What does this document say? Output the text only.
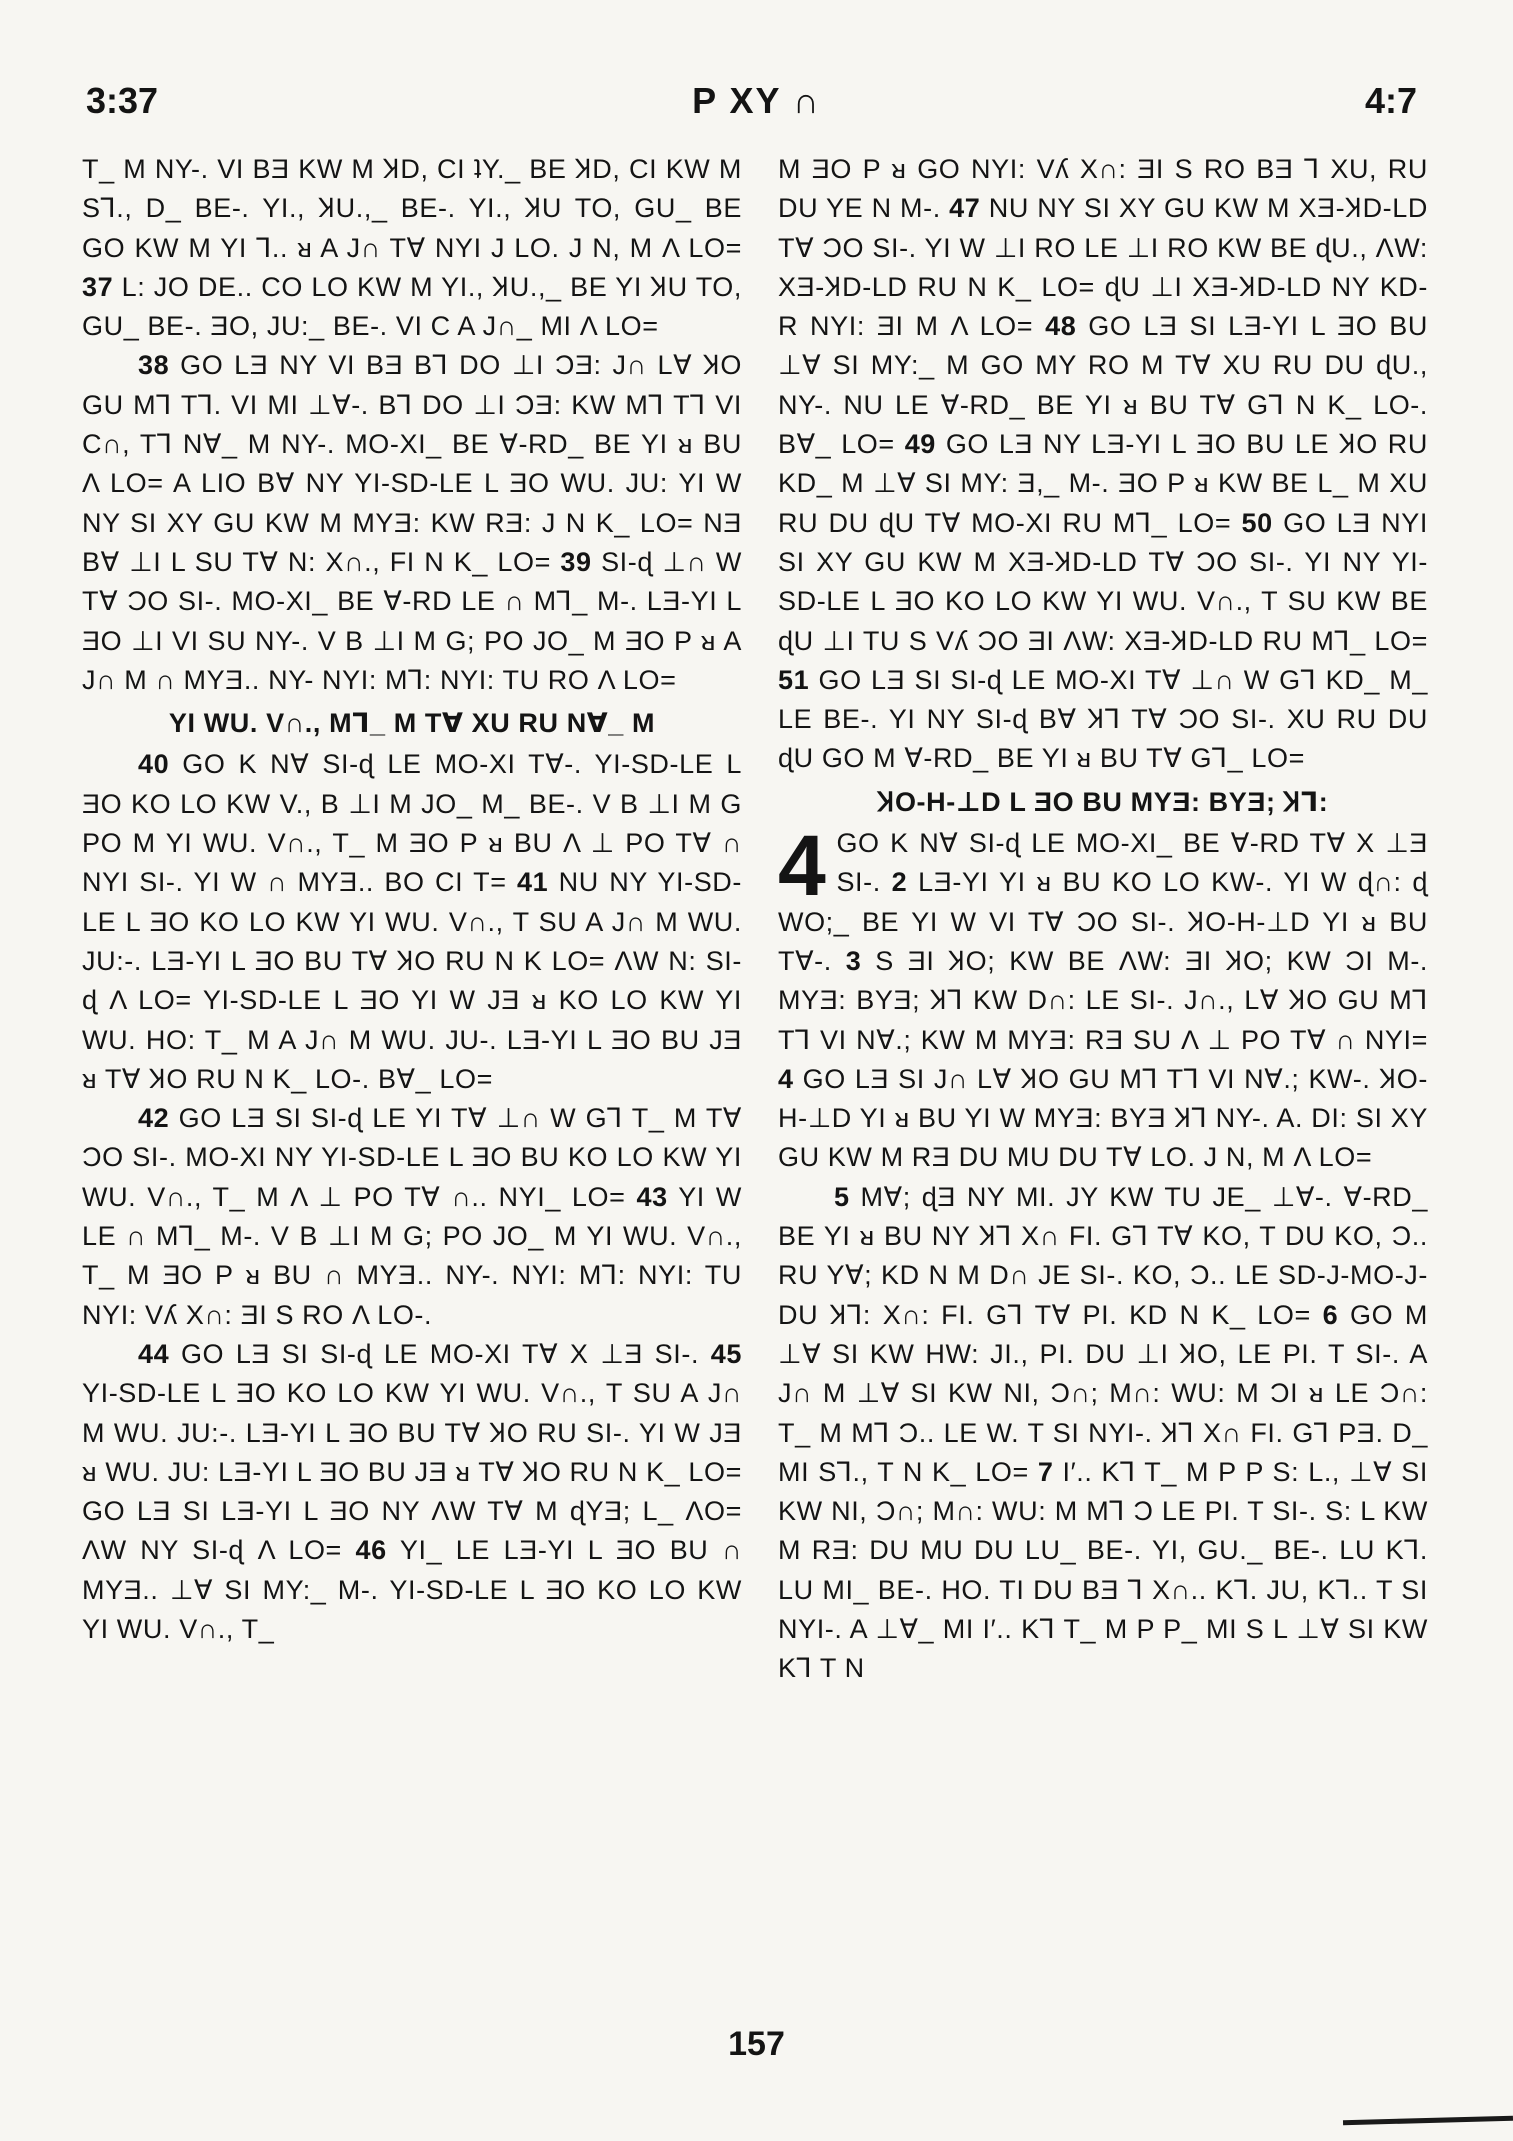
3:37	P XY ∩	4:7

T_ M NY-. VI BƎ KW M ꞰD, CI ʇY._ BE ꞰD, CI KW M SꞀ., D_ BE-. YI., ꞰU.,_ BE-. YI., ꞰU TO, GU_ BE GO KW M YI Ꞁ.. ᴚ A J∩ T∀ NYI J LO. J N, M Λ LO= 37 L: JO DE.. CO LO KW M YI., ꞰU.,_ BE YI ꞰU TO, GU_ BE-. ƎO, JU:_ BE-. VI C A J∩_ MI Λ LO=

38 GO LƎ NY VI BƎ BꞀ DO ⊥I ƆƎ: J∩ L∀ ꞰO GU MꞀ TꞀ. VI MI ⊥∀-. BꞀ DO ⊥I ƆƎ: KW MꞀ TꞀ VI C∩, TꞀ N∀_ M NY-. MO-XI_ BE ∀-RD_ BE YI ᴚ BU Λ LO= A LIO B∀ NY YI-SD-LE L ƎO WU. JU: YI W NY SI XY GU KW M MYƎ: KW RƎ: J N K_ LO= NƎ B∀ ⊥I L SU T∀ N: X∩., FI N K_ LO= 39 SI-ɖ ⊥∩ W T∀ ƆO SI-. MO-XI_ BE ∀-RD LE ∩ MꞀ_ M-. LƎ-YI L ƎO ⊥I VI SU NY-. V B ⊥I M G; PO JO_ M ƎO P ᴚ A J∩ M ∩ MYƎ.. NY- NYI: MꞀ: NYI: TU RO Λ LO=

YI WU. V∩., MꞀ_ M T∀ XU RU N∀_ M

40 GO K N∀ SI-ɖ LE MO-XI T∀-. YI-SD-LE L ƎO KO LO KW V., B ⊥I M JO_ M_ BE-. V B ⊥I M G PO M YI WU. V∩., T_ M ƎO P ᴚ BU Λ ⊥ PO T∀ ∩ NYI SI-. YI W ∩ MYƎ.. BO CI T= 41 NU NY YI-SD-LE L ƎO KO LO KW YI WU. V∩., T SU A J∩ M WU. JU:-. LƎ-YI L ƎO BU T∀ ꞰO RU N K LO= ΛW N: SI-ɖ Λ LO= YI-SD-LE L ƎO YI W JƎ ᴚ KO LO KW YI WU. HO: T_ M A J∩ M WU. JU-. LƎ-YI L ƎO BU JƎ ᴚ T∀ ꞰO RU N K_ LO-. B∀_ LO=

42 GO LƎ SI SI-ɖ LE YI T∀ ⊥∩ W GꞀ T_ M T∀ ƆO SI-. MO-XI NY YI-SD-LE L ƎO BU KO LO KW YI WU. V∩., T_ M Λ ⊥ PO T∀ ∩.. NYI_ LO= 43 YI W LE ∩ MꞀ_ M-. V B ⊥I M G; PO JO_ M YI WU. V∩., T_ M ƎO P ᴚ BU ∩ MYƎ.. NY-. NYI: MꞀ: NYI: TU NYI: Vʎ X∩: ƎI S RO Λ LO-.

44 GO LƎ SI SI-ɖ LE MO-XI T∀ X ⊥Ǝ SI-. 45 YI-SD-LE L ƎO KO LO KW YI WU. V∩., T SU A J∩ M WU. JU:-. LƎ-YI L ƎO BU T∀ ꞰO RU SI-. YI W JƎ ᴚ WU. JU: LƎ-YI L ƎO BU JƎ ᴚ T∀ ꞰO RU N K_ LO= GO LƎ SI LƎ-YI L ƎO NY ΛW T∀ M ɖYƎ; L_ ΛO= ΛW NY SI-ɖ Λ LO= 46 YI_ LE LƎ-YI L ƎO BU ∩ MYƎ.. ⊥∀ SI MY:_ M-. YI-SD-LE L ƎO KO LO KW YI WU. V∩., T_

M ƎO P ᴚ GO NYI: Vʎ X∩: ƎI S RO BƎ Ꞁ XU, RU DU YE N M-. 47 NU NY SI XY GU KW M XƎ-ꞰD-LD T∀ ƆO SI-. YI W ⊥I RO LE ⊥I RO KW BE ɖU., ΛW: XƎ-ꞰD-LD RU N K_ LO= ɖU ⊥I XƎ-ꞰD-LD NY KD-R NYI: ƎI M Λ LO= 48 GO LƎ SI LƎ-YI L ƎO BU ⊥∀ SI MY:_ M GO MY RO M T∀ XU RU DU ɖU., NY-. NU LE ∀-RD_ BE YI ᴚ BU T∀ GꞀ N K_ LO-. B∀_ LO= 49 GO LƎ NY LƎ-YI L ƎO BU LE ꞰO RU KD_ M ⊥∀ SI MY: Ǝ,_ M-. ƎO P ᴚ KW BE L_ M XU RU DU ɖU T∀ MO-XI RU MꞀ_ LO= 50 GO LƎ NYI SI XY GU KW M XƎ-ꞰD-LD T∀ ƆO SI-. YI NY YI-SD-LE L ƎO KO LO KW YI WU. V∩., T SU KW BE ɖU ⊥I TU S Vʎ ƆO ƎI ΛW: XƎ-ꞰD-LD RU MꞀ_ LO= 51 GO LƎ SI SI-ɖ LE MO-XI T∀ ⊥∩ W GꞀ KD_ M_ LE BE-. YI NY SI-ɖ B∀ ꞰꞀ T∀ ƆO SI-. XU RU DU ɖU GO M ∀-RD_ BE YI ᴚ BU T∀ GꞀ_ LO=

ꞰO-H-⊥D L ƎO BU MYƎ: BYƎ; ꞰꞀ:

4 GO K N∀ SI-ɖ LE MO-XI_ BE ∀-RD T∀ X ⊥Ǝ SI-. 2 LƎ-YI YI ᴚ BU KO LO KW-. YI W ɖ∩: ɖ WO;_ BE YI W VI T∀ ƆO SI-. ꞰO-H-⊥D YI ᴚ BU T∀-. 3 S ƎI ꞰO; KW BE ΛW: ƎI ꞰO; KW ƆI M-. MYƎ: BYƎ; ꞰꞀ KW D∩: LE SI-. J∩., L∀ ꞰO GU MꞀ TꞀ VI N∀.; KW M MYƎ: RƎ SU Λ ⊥ PO T∀ ∩ NYI= 4 GO LƎ SI J∩ L∀ ꞰO GU MꞀ TꞀ VI N∀.; KW-. ꞰO-H-⊥D YI ᴚ BU YI W MYƎ: BYƎ ꞰꞀ NY-. A. DI: SI XY GU KW M RƎ DU MU DU T∀ LO. J N, M Λ LO=

5 M∀; ɖƎ NY MI. JY KW TU JE_ ⊥∀-. ∀-RD_ BE YI ᴚ BU NY ꞰꞀ X∩ FI. GꞀ T∀ KO, T DU KO, Ɔ.. RU Y∀; KD N M D∩ JE SI-. KO, Ɔ.. LE SD-J-MO-J-DU ꞰꞀ: X∩: FI. GꞀ T∀ PI. KD N K_ LO= 6 GO M ⊥∀ SI KW HW: JI., PI. DU ⊥I ꞰO, LE PI. T SI-. A J∩ M ⊥∀ SI KW NI, Ɔ∩; M∩: WU: M ƆI ᴚ LE Ɔ∩: T_ M MꞀ Ɔ.. LE W. T SI NYI-. ꞰꞀ X∩ FI. GꞀ PƎ. D_ MI SꞀ., T N K_ LO= 7 I′.. KꞀ T_ M P P S: L., ⊥∀ SI KW NI, Ɔ∩; M∩: WU: M MꞀ Ɔ LE PI. T SI-. S: L KW M RƎ: DU MU DU LU_ BE-. YI, GU._ BE-. LU KꞀ. LU MI_ BE-. HO. TI DU BƎ Ꞁ X∩.. KꞀ. JU, KꞀ.. T SI NYI-. A ⊥∀_ MI I′.. KꞀ T_ M P P_ MI S L ⊥∀ SI KW KꞀ T N

157
